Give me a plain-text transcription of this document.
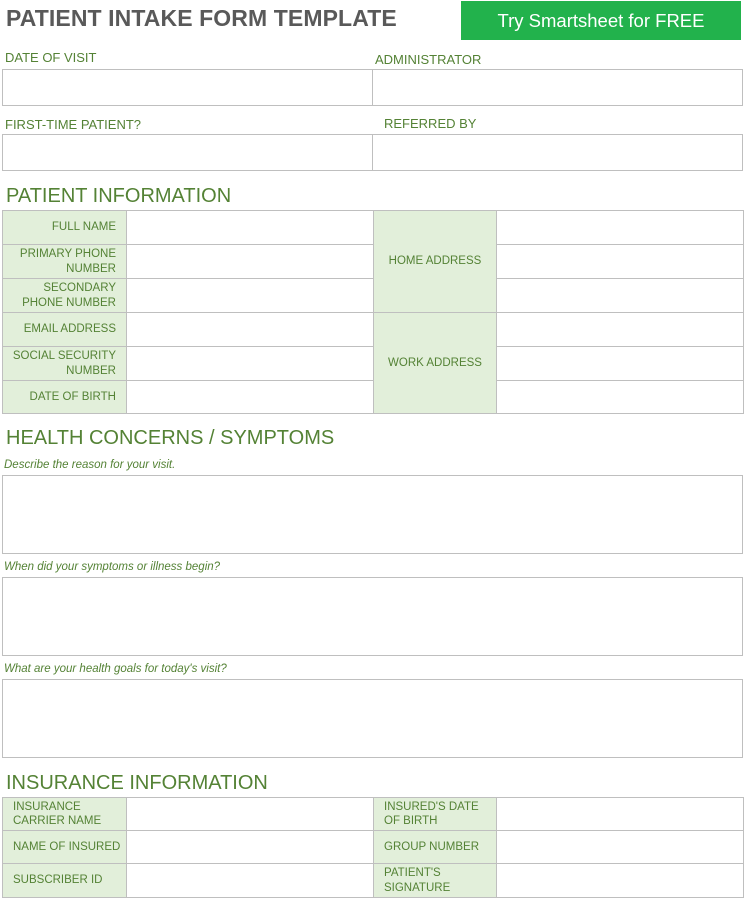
PATIENT INTAKE FORM TEMPLATE	Try Smartsheet for FREE
DATE OF VISIT	ADMINISTRATOR
FIRST-TIME PATIENT?	REFERRED BY
PATIENT INFORMATION
FULL NAME		HOME ADDRESS	
PRIMARY PHONE NUMBER			
SECONDARY PHONE NUMBER			
EMAIL ADDRESS		WORK ADDRESS	
SOCIAL SECURITY NUMBER			
DATE OF BIRTH			
HEALTH CONCERNS / SYMPTOMS
Describe the reason for your visit.
When did your symptoms or illness begin?
What are your health goals for today's visit?
INSURANCE INFORMATION
INSURANCE CARRIER NAME		INSURED'S DATE OF BIRTH	
NAME OF INSURED		GROUP NUMBER	
SUBSCRIBER ID		PATIENT'S SIGNATURE	
